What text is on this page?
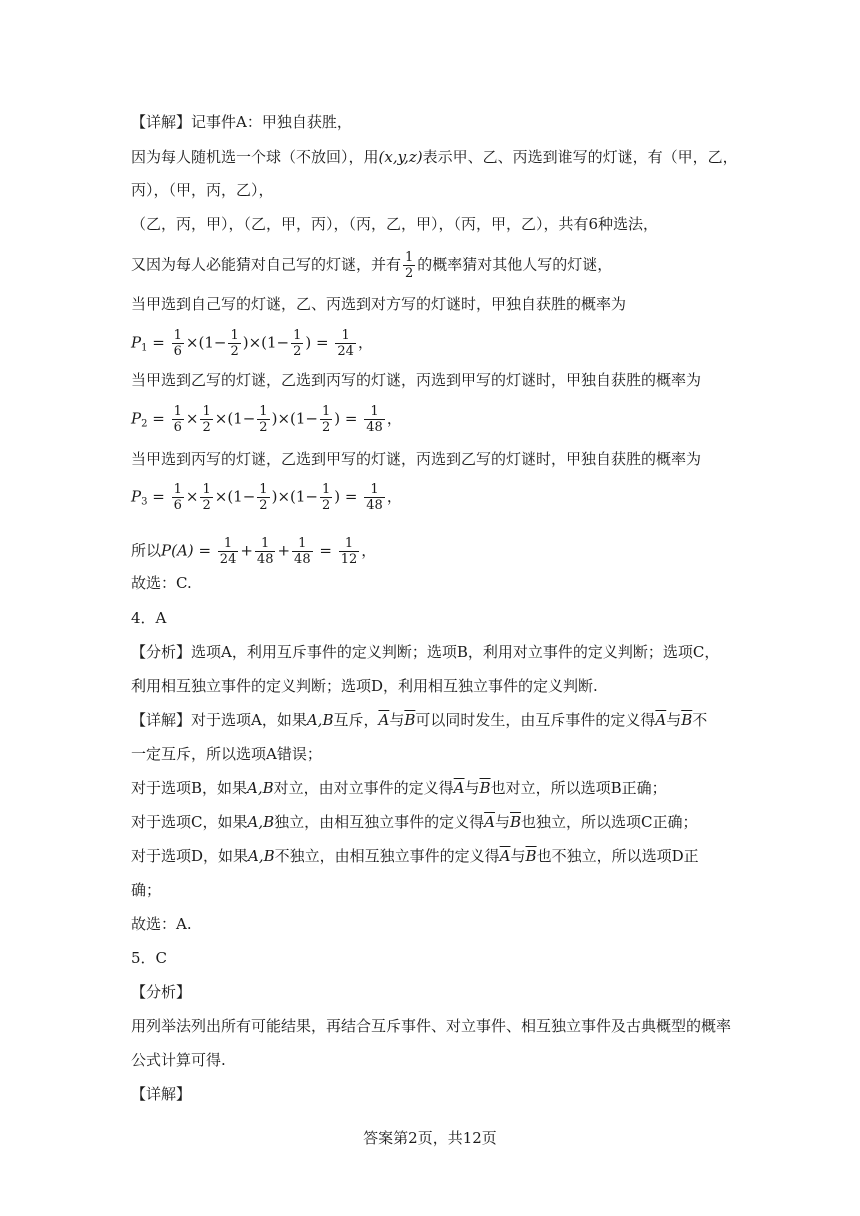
【详解】记事件A：甲独自获胜，
因为每人随机选一个球（不放回），用(x,y,z)表示甲、乙、丙选到谁写的灯谜，有（甲，乙，
丙），（甲，丙，乙），
（乙，丙，甲），（乙，甲，丙），（丙，乙，甲），（丙，甲，乙），共有6种选法，
又因为每人必能猜对自己写的灯谜，并有 $\frac{1}{2}$ 的概率猜对其他人写的灯谜，
当甲选到自己写的灯谜，乙、丙选到对方写的灯谜时，甲独自获胜的概率为
$P_1 = \frac{1}{6} \times(1- \frac{1}{2} )\times(1- \frac{1}{2}$ ) = $\frac{1}{24}$ ，
当甲选到乙写的灯谜，乙选到丙写的灯谜，丙选到甲写的灯谜时，甲独自获胜的概率为
$P_2 = \frac{1}{6} \times \frac{1}{2} \times(1- \frac{1}{2} )\times(1- \frac{1}{2}$ ) = $\frac{1}{48}$ ，
当甲选到丙写的灯谜，乙选到甲写的灯谜，丙选到乙写的灯谜时，甲独自获胜的概率为
$P_3 = \frac{1}{6} \times \frac{1}{2} \times(1- \frac{1}{2} )\times(1- \frac{1}{2}$ ) = $\frac{1}{48}$ ，
所以$P(A) = \frac{1}{24} + \frac{1}{48} + \frac{1}{48} = \frac{1}{12}$ ，
故选：C.
4．A
【分析】选项A，利用互斥事件的定义判断；选项B，利用对立事件的定义判断；选项C，
利用相互独立事件的定义判断；选项D，利用相互独立事件的定义判断.
【详解】对于选项A，如果A,B互斥，$\overline{A}$与$\overline{B}$可以同时发生，由互斥事件的定义得$\overline{A}$与$\overline{B}$不
一定互斥，所以选项A错误；
对于选项B，如果A,B对立，由对立事件的定义得$\overline{A}$与$\overline{B}$也对立，所以选项B正确；
对于选项C，如果A,B独立，由相互独立事件的定义得$\overline{A}$与$\overline{B}$也独立，所以选项C正确；
对于选项D，如果A,B不独立，由相互独立事件的定义得$\overline{A}$与$\overline{B}$也不独立，所以选项D正
确；
故选：A.
5．C
【分析】
用列举法列出所有可能结果，再结合互斥事件、对立事件、相互独立事件及古典概型的概率
公式计算可得.
【详解】
答案第2页，共12页
